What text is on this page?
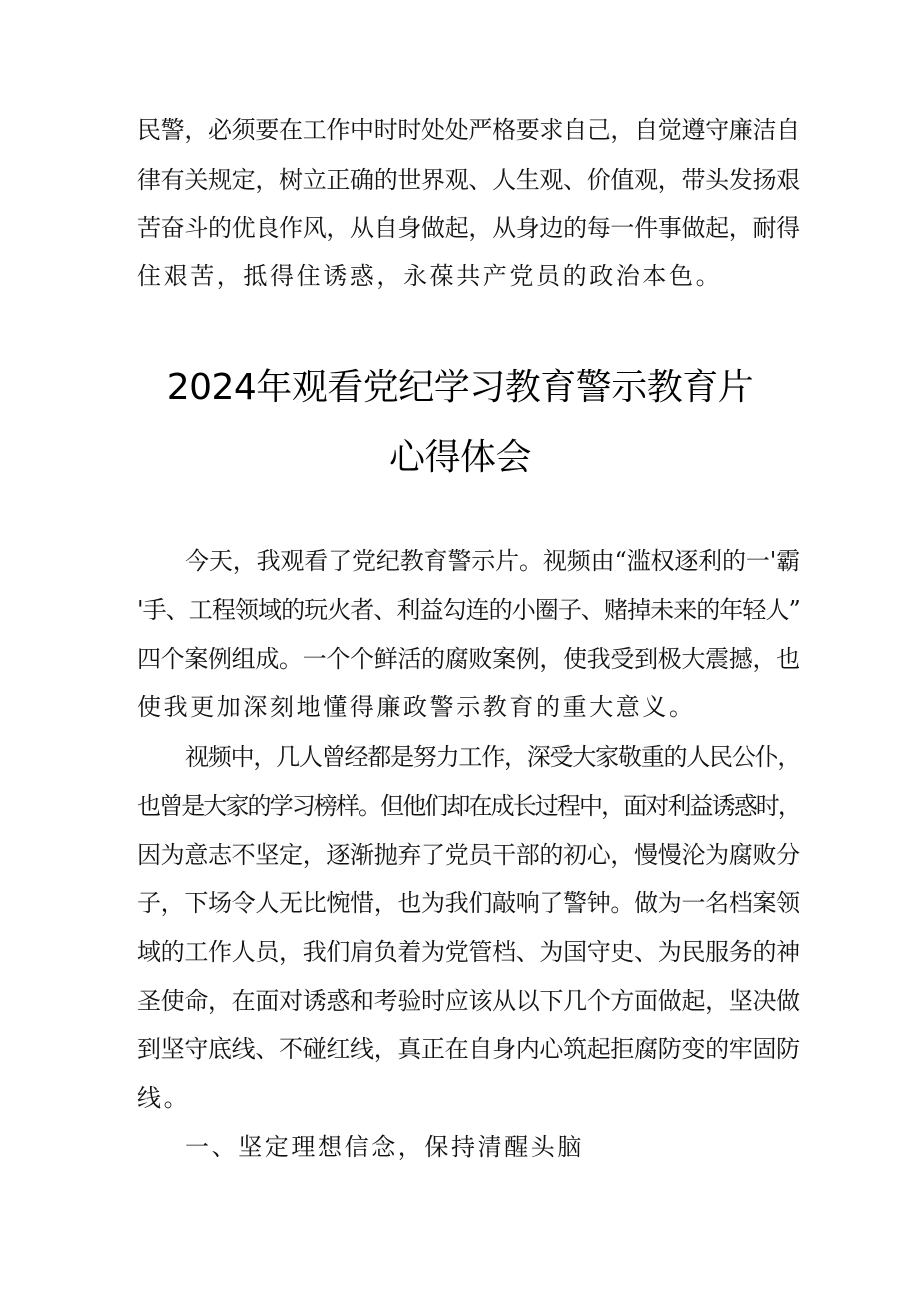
民警，必须要在工作中时时处处严格要求自己，自觉遵守廉洁自
律有关规定，树立正确的世界观、人生观、价值观，带头发扬艰
苦奋斗的优良作风，从自身做起，从身边的每一件事做起，耐得
住艰苦，抵得住诱惑，永葆共产党员的政治本色。
2024年观看党纪学习教育警示教育片
心得体会
今天，我观看了党纪教育警示片。视频由“滥权逐利的一'霸
'手、工程领域的玩火者、利益勾连的小圈子、赌掉未来的年轻人”
四个案例组成。一个个鲜活的腐败案例，使我受到极大震撼，也
使我更加深刻地懂得廉政警示教育的重大意义。
视频中，几人曾经都是努力工作，深受大家敬重的人民公仆，
也曾是大家的学习榜样。但他们却在成长过程中，面对利益诱惑时，
因为意志不坚定，逐渐抛弃了党员干部的初心，慢慢沦为腐败分
子，下场令人无比惋惜，也为我们敲响了警钟。做为一名档案领
域的工作人员，我们肩负着为党管档、为国守史、为民服务的神
圣使命，在面对诱惑和考验时应该从以下几个方面做起，坚决做
到坚守底线、不碰红线，真正在自身内心筑起拒腐防变的牢固防
线。
一、坚定理想信念，保持清醒头脑
